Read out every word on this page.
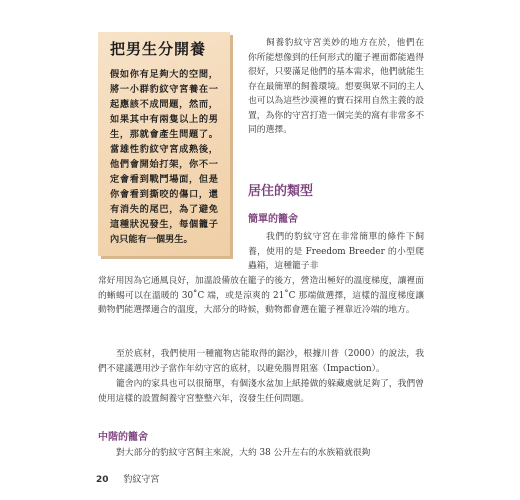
把男生分開養

假如你有足夠大的空間，將一小群豹紋守宮養在一起應該不成問題，然而，如果其中有兩隻以上的男生，那就會產生問題了。當雄性豹紋守宮成熟後，他們會開始打架，你不一定會看到戰鬥場面，但是你會看到撕咬的傷口，還有消失的尾巴，為了避免這種狀況發生，每個籠子內只能有一個男生。

飼養豹紋守宮美妙的地方在於，他們在你所能想像到的任何形式的籠子裡面都能過得很好，只要滿足他們的基本需求，他們就能生存在最簡單的飼養環境。想要與眾不同的主人也可以為這些沙漠裡的寶石採用自然主義的設置，為你的守宮打造一個完美的窩有非常多不同的選擇。

居住的類型
簡單的籠舍

我們的豹紋守宮在非常簡單的條件下飼養，使用的是 Freedom Breeder 的小型爬蟲箱，這種籠子非

常好用因為它通風良好，加溫設備放在籠子的後方，營造出極好的溫度梯度，讓裡面的蜥蜴可以在溫暖的 30˚C 端，或是涼爽的 21˚C 那端做選擇，這樣的溫度梯度讓動物們能選擇適合的溫度，大部分的時候，動物都會選在籠子裡靠近冷端的地方。

至於底材，我們使用一種寵物店能取得的鋸沙，根據川普（2000）的說法，我們不建議選用沙子當作年幼守宮的底材，以避免腸胃阻塞（Impaction）。

籠舍內的家具也可以很簡單，有個淺水盆加上紙捲做的躲藏處就足夠了，我們曾使用這樣的設置飼養守宮整整六年，沒發生任何問題。

中階的籠舍

對大部分的豹紋守宮飼主來說，大約 38 公升左右的水族箱就很夠

20 豹紋守宮
